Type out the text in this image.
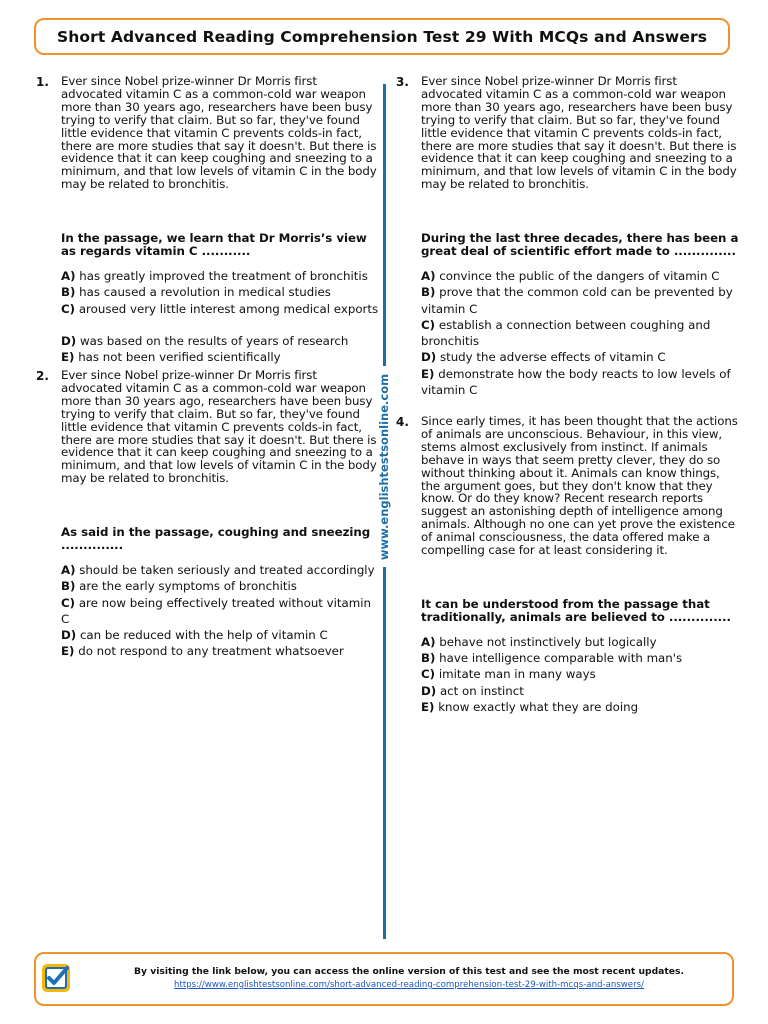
Short Advanced Reading Comprehension Test 29 With MCQs and Answers
1. Ever since Nobel prize-winner Dr Morris first advocated vitamin C as a common-cold war weapon more than 30 years ago, researchers have been busy trying to verify that claim. But so far, they've found little evidence that vitamin C prevents colds-in fact, there are more studies that say it doesn't. But there is evidence that it can keep coughing and sneezing to a minimum, and that low levels of vitamin C in the body may be related to bronchitis.

In the passage, we learn that Dr Morris’s view as regards vitamin C ...........

A) has greatly improved the treatment of bronchitis
B) has caused a revolution in medical studies
C) aroused very little interest among medical exports
D) was based on the results of years of research
E) has not been verified scientifically
2. Ever since Nobel prize-winner Dr Morris first advocated vitamin C as a common-cold war weapon more than 30 years ago, researchers have been busy trying to verify that claim. But so far, they've found little evidence that vitamin C prevents colds-in fact, there are more studies that say it doesn't. But there is evidence that it can keep coughing and sneezing to a minimum, and that low levels of vitamin C in the body may be related to bronchitis.

As said in the passage, coughing and sneezing ..............

A) should be taken seriously and treated accordingly
B) are the early symptoms of bronchitis
C) are now being effectively treated without vitamin C
D) can be reduced with the help of vitamin C
E) do not respond to any treatment whatsoever
3. Ever since Nobel prize-winner Dr Morris first advocated vitamin C as a common-cold war weapon more than 30 years ago, researchers have been busy trying to verify that claim. But so far, they've found little evidence that vitamin C prevents colds-in fact, there are more studies that say it doesn't. But there is evidence that it can keep coughing and sneezing to a minimum, and that low levels of vitamin C in the body may be related to bronchitis.

During the last three decades, there has been a great deal of scientific effort made to ..............

A) convince the public of the dangers of vitamin C
B) prove that the common cold can be prevented by vitamin C
C) establish a connection between coughing and bronchitis
D) study the adverse effects of vitamin C
E) demonstrate how the body reacts to low levels of vitamin C
4. Since early times, it has been thought that the actions of animals are unconscious. Behaviour, in this view, stems almost exclusively from instinct. If animals behave in ways that seem pretty clever, they do so without thinking about it. Animals can know things, the argument goes, but they don't know that they know. Or do they know? Recent research reports suggest an astonishing depth of intelligence among animals. Although no one can yet prove the existence of animal consciousness, the data offered make a compelling case for at least considering it.

It can be understood from the passage that traditionally, animals are believed to ..............

A) behave not instinctively but logically
B) have intelligence comparable with man's
C) imitate man in many ways
D) act on instinct
E) know exactly what they are doing
www.englishtestsonline.com
By visiting the link below, you can access the online version of this test and see the most recent updates.
https://www.englishtestsonline.com/short-advanced-reading-comprehension-test-29-with-mcqs-and-answers/
